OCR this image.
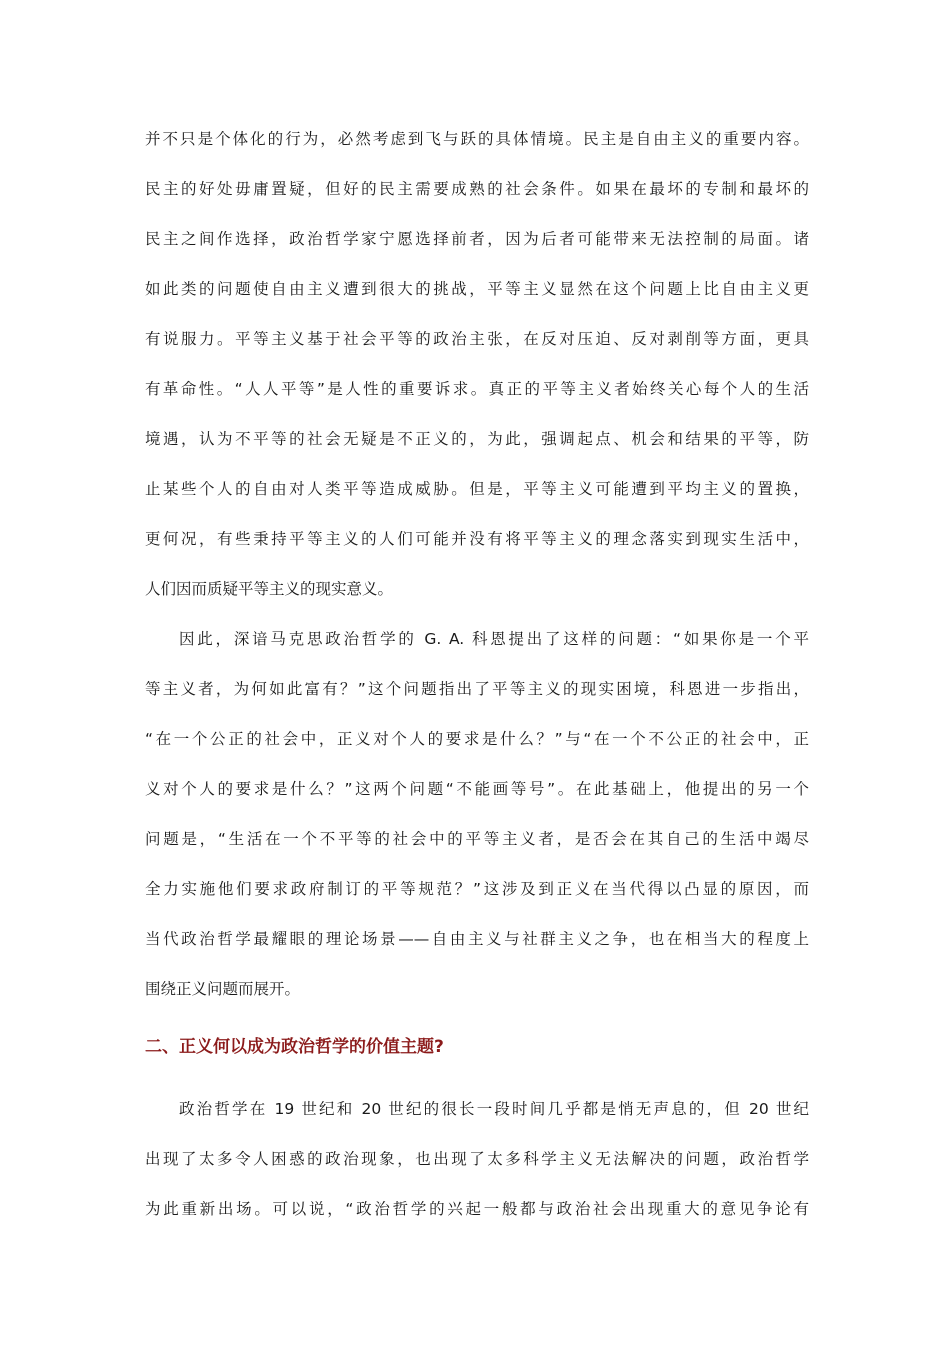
并不只是个体化的行为，必然考虑到飞与跃的具体情境。民主是自由主义的重要内容。
民主的好处毋庸置疑，但好的民主需要成熟的社会条件。如果在最坏的专制和最坏的
民主之间作选择，政治哲学家宁愿选择前者，因为后者可能带来无法控制的局面。诸
如此类的问题使自由主义遭到很大的挑战，平等主义显然在这个问题上比自由主义更
有说服力。平等主义基于社会平等的政治主张，在反对压迫、反对剥削等方面，更具
有革命性。“人人平等”是人性的重要诉求。真正的平等主义者始终关心每个人的生活
境遇，认为不平等的社会无疑是不正义的，为此，强调起点、机会和结果的平等，防
止某些个人的自由对人类平等造成威胁。但是，平等主义可能遭到平均主义的置换，
更何况，有些秉持平等主义的人们可能并没有将平等主义的理念落实到现实生活中，
人们因而质疑平等主义的现实意义。
因此，深谙马克思政治哲学的 G. A. 科恩提出了这样的问题：“如果你是一个平
等主义者，为何如此富有？”这个问题指出了平等主义的现实困境，科恩进一步指出，
“在一个公正的社会中，正义对个人的要求是什么？”与“在一个不公正的社会中，正
义对个人的要求是什么？”这两个问题“不能画等号”。在此基础上，他提出的另一个
问题是，“生活在一个不平等的社会中的平等主义者，是否会在其自己的生活中竭尽
全力实施他们要求政府制订的平等规范？”这涉及到正义在当代得以凸显的原因，而
当代政治哲学最耀眼的理论场景——自由主义与社群主义之争，也在相当大的程度上
围绕正义问题而展开。
二、正义何以成为政治哲学的价值主题?
政治哲学在 19 世纪和 20 世纪的很长一段时间几乎都是悄无声息的，但 20 世纪
出现了太多令人困惑的政治现象，也出现了太多科学主义无法解决的问题，政治哲学
为此重新出场。可以说，“政治哲学的兴起一般都与政治社会出现重大的意见争论有
